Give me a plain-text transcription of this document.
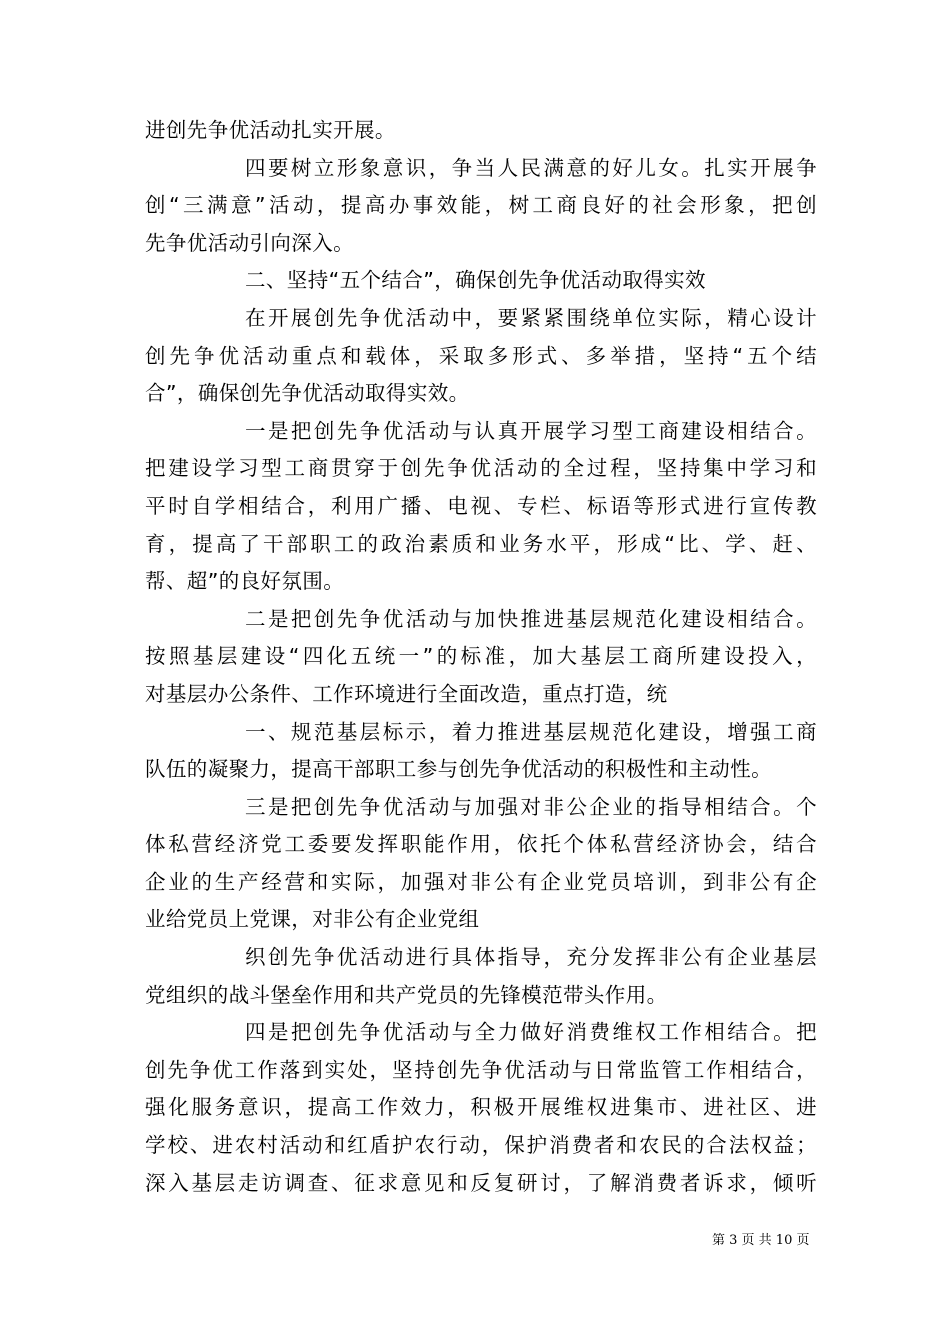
进创先争优活动扎实开展。
四要树立形象意识，争当人民满意的好儿女。扎实开展争
创“三满意”活动，提高办事效能，树工商良好的社会形象，把创
先争优活动引向深入。
二、坚持“五个结合”，确保创先争优活动取得实效
在开展创先争优活动中，要紧紧围绕单位实际，精心设计
创先争优活动重点和载体，采取多形式、多举措，坚持“五个结
合”，确保创先争优活动取得实效。
一是把创先争优活动与认真开展学习型工商建设相结合。
把建设学习型工商贯穿于创先争优活动的全过程，坚持集中学习和
平时自学相结合，利用广播、电视、专栏、标语等形式进行宣传教
育，提高了干部职工的政治素质和业务水平，形成“比、学、赶、
帮、超”的良好氛围。
二是把创先争优活动与加快推进基层规范化建设相结合。
按照基层建设“四化五统一”的标准，加大基层工商所建设投入，
对基层办公条件、工作环境进行全面改造，重点打造，统
一、规范基层标示，着力推进基层规范化建设，增强工商
队伍的凝聚力，提高干部职工参与创先争优活动的积极性和主动性。
三是把创先争优活动与加强对非公企业的指导相结合。个
体私营经济党工委要发挥职能作用，依托个体私营经济协会，结合
企业的生产经营和实际，加强对非公有企业党员培训，到非公有企
业给党员上党课，对非公有企业党组
织创先争优活动进行具体指导，充分发挥非公有企业基层
党组织的战斗堡垒作用和共产党员的先锋模范带头作用。
四是把创先争优活动与全力做好消费维权工作相结合。把
创先争优工作落到实处，坚持创先争优活动与日常监管工作相结合，
强化服务意识，提高工作效力，积极开展维权进集市、进社区、进
学校、进农村活动和红盾护农行动，保护消费者和农民的合法权益；
深入基层走访调查、征求意见和反复研讨，了解消费者诉求，倾听
第 3 页 共 10 页
